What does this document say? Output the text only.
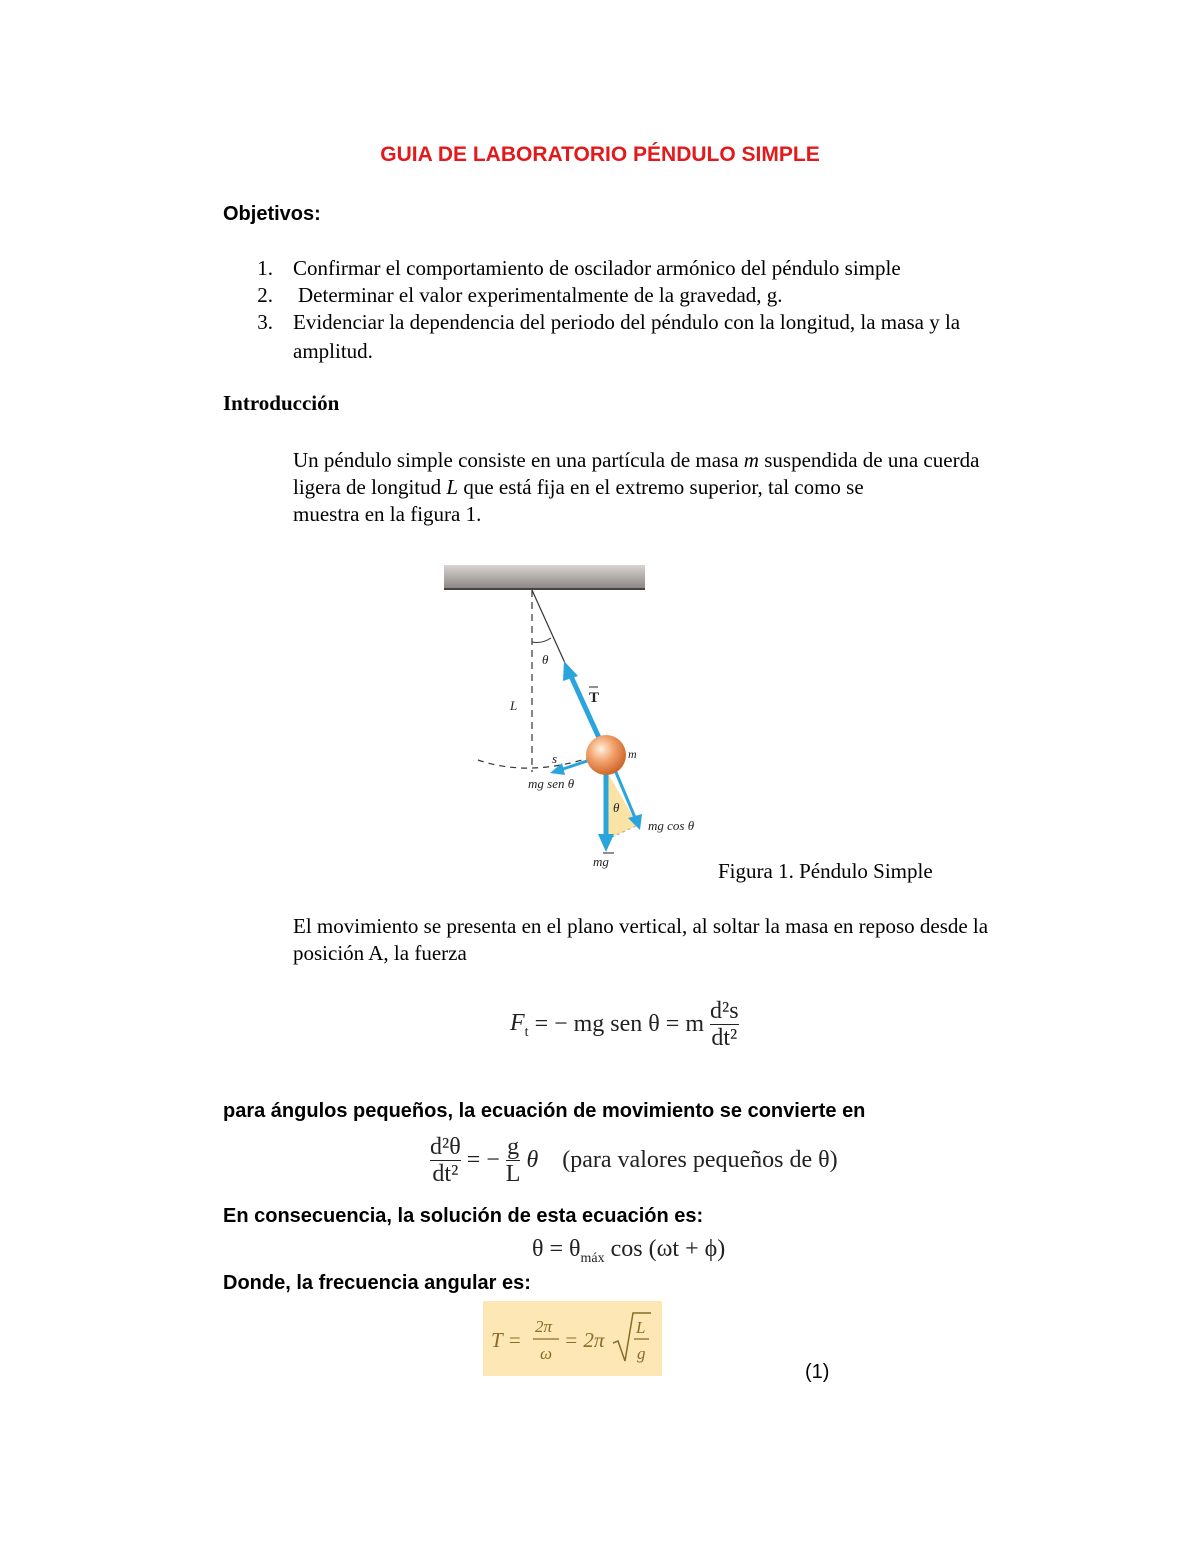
GUIA DE LABORATORIO PÉNDULO SIMPLE
Objetivos:
1. Confirmar el comportamiento de oscilador armónico del péndulo simple
2. Determinar el valor experimentalmente de la gravedad, g.
3. Evidenciar la dependencia del periodo del péndulo con la longitud, la masa y la
amplitud.
Introducción
Un péndulo simple consiste en una partícula de masa m suspendida de una cuerda
ligera de longitud L que está fija en el extremo superior, tal como se
muestra en la figura 1.
θ
T
L
s	m
mg sen θ
θ
mg cos θ
mg	Figura 1. Péndulo Simple
El movimiento se presenta en el plano vertical, al soltar la masa en reposo desde la
posición A, la fuerza
$F_t$ = − mg sen θ = m $\frac{\text{d²s}}{\text{dt²}}$
para ángulos pequeños, la ecuación de movimiento se convierte en
$\frac{\text{d²θ}}{\text{dt²}}$ = − $\frac{g}{L}$ θ (para valores pequeños de θ)
En consecuencia, la solución de esta ecuación es:
$\theta = \theta_{máx}$ cos (ωt + ϕ)
Donde, la frecuencia angular es:
T =
2π
ω
= 2π
L
g
(1)
